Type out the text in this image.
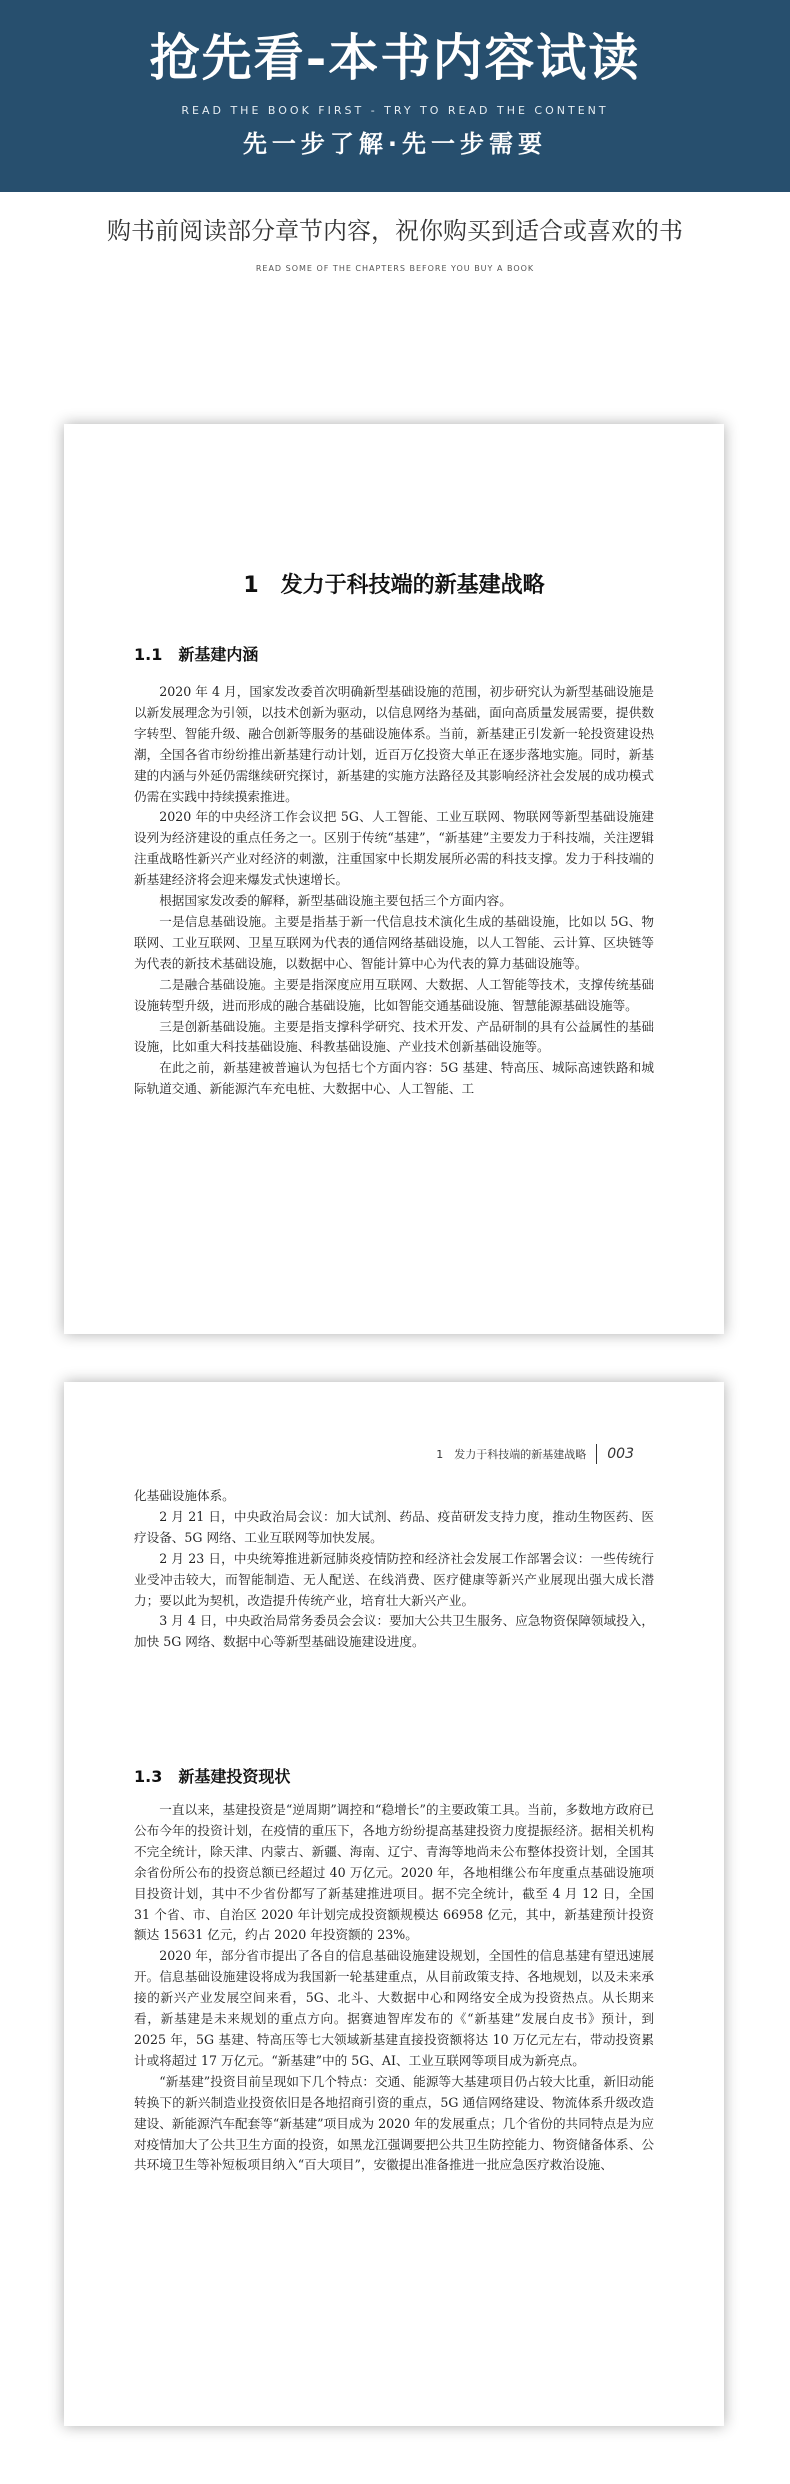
抢先看-本书内容试读
READ THE BOOK FIRST - TRY TO READ THE CONTENT
先一步了解·先一步需要
购书前阅读部分章节内容，祝你购买到适合或喜欢的书
READ SOME OF THE CHAPTERS BEFORE YOU BUY A BOOK
1　发力于科技端的新基建战略
1.1　新基建内涵

2020 年 4 月，国家发改委首次明确新型基础设施的范围，初步研究认为新型基础设施是以新发展理念为引领，以技术创新为驱动，以信息网络为基础，面向高质量发展需要，提供数字转型、智能升级、融合创新等服务的基础设施体系。当前，新基建正引发新一轮投资建设热潮，全国各省市纷纷推出新基建行动计划，近百万亿投资大单正在逐步落地实施。同时，新基建的内涵与外延仍需继续研究探讨，新基建的实施方法路径及其影响经济社会发展的成功模式仍需在实践中持续摸索推进。

2020 年的中央经济工作会议把 5G、人工智能、工业互联网、物联网等新型基础设施建设列为经济建设的重点任务之一。区别于传统“基建”，“新基建”主要发力于科技端，关注逻辑注重战略性新兴产业对经济的刺激，注重国家中长期发展所必需的科技支撑。发力于科技端的新基建经济将会迎来爆发式快速增长。

根据国家发改委的解释，新型基础设施主要包括三个方面内容。

一是信息基础设施。主要是指基于新一代信息技术演化生成的基础设施，比如以 5G、物联网、工业互联网、卫星互联网为代表的通信网络基础设施，以人工智能、云计算、区块链等为代表的新技术基础设施，以数据中心、智能计算中心为代表的算力基础设施等。

二是融合基础设施。主要是指深度应用互联网、大数据、人工智能等技术，支撑传统基础设施转型升级，进而形成的融合基础设施，比如智能交通基础设施、智慧能源基础设施等。

三是创新基础设施。主要是指支撑科学研究、技术开发、产品研制的具有公益属性的基础设施，比如重大科技基础设施、科教基础设施、产业技术创新基础设施等。

在此之前，新基建被普遍认为包括七个方面内容：5G 基建、特高压、城际高速铁路和城际轨道交通、新能源汽车充电桩、大数据中心、人工智能、工

1　发力于科技端的新基建战略 003

化基础设施体系。

2 月 21 日，中央政治局会议：加大试剂、药品、疫苗研发支持力度，推动生物医药、医疗设备、5G 网络、工业互联网等加快发展。

2 月 23 日，中央统筹推进新冠肺炎疫情防控和经济社会发展工作部署会议：一些传统行业受冲击较大，而智能制造、无人配送、在线消费、医疗健康等新兴产业展现出强大成长潜力；要以此为契机，改造提升传统产业，培育壮大新兴产业。

3 月 4 日，中央政治局常务委员会会议：要加大公共卫生服务、应急物资保障领域投入，加快 5G 网络、数据中心等新型基础设施建设进度。

1.3　新基建投资现状

一直以来，基建投资是“逆周期”调控和“稳增长”的主要政策工具。当前，多数地方政府已公布今年的投资计划，在疫情的重压下，各地方纷纷提高基建投资力度提振经济。据相关机构不完全统计，除天津、内蒙古、新疆、海南、辽宁、青海等地尚未公布整体投资计划，全国其余省份所公布的投资总额已经超过 40 万亿元。2020 年，各地相继公布年度重点基础设施项目投资计划，其中不少省份都写了新基建推进项目。据不完全统计，截至 4 月 12 日，全国 31 个省、市、自治区 2020 年计划完成投资额规模达 66958 亿元，其中，新基建预计投资额达 15631 亿元，约占 2020 年投资额的 23%。

2020 年，部分省市提出了各自的信息基础设施建设规划，全国性的信息基建有望迅速展开。信息基础设施建设将成为我国新一轮基建重点，从目前政策支持、各地规划，以及未来承接的新兴产业发展空间来看，5G、北斗、大数据中心和网络安全成为投资热点。从长期来看，新基建是未来规划的重点方向。据赛迪智库发布的《“新基建”发展白皮书》预计，到 2025 年，5G 基建、特高压等七大领域新基建直接投资额将达 10 万亿元左右，带动投资累计或将超过 17 万亿元。“新基建”中的 5G、AI、工业互联网等项目成为新亮点。

“新基建”投资目前呈现如下几个特点：交通、能源等大基建项目仍占较大比重，新旧动能转换下的新兴制造业投资依旧是各地招商引资的重点，5G 通信网络建设、物流体系升级改造建设、新能源汽车配套等“新基建”项目成为 2020 年的发展重点；几个省份的共同特点是为应对疫情加大了公共卫生方面的投资，如黑龙江强调要把公共卫生防控能力、物资储备体系、公共环境卫生等补短板项目纳入“百大项目”，安徽提出准备推进一批应急医疗救治设施、
